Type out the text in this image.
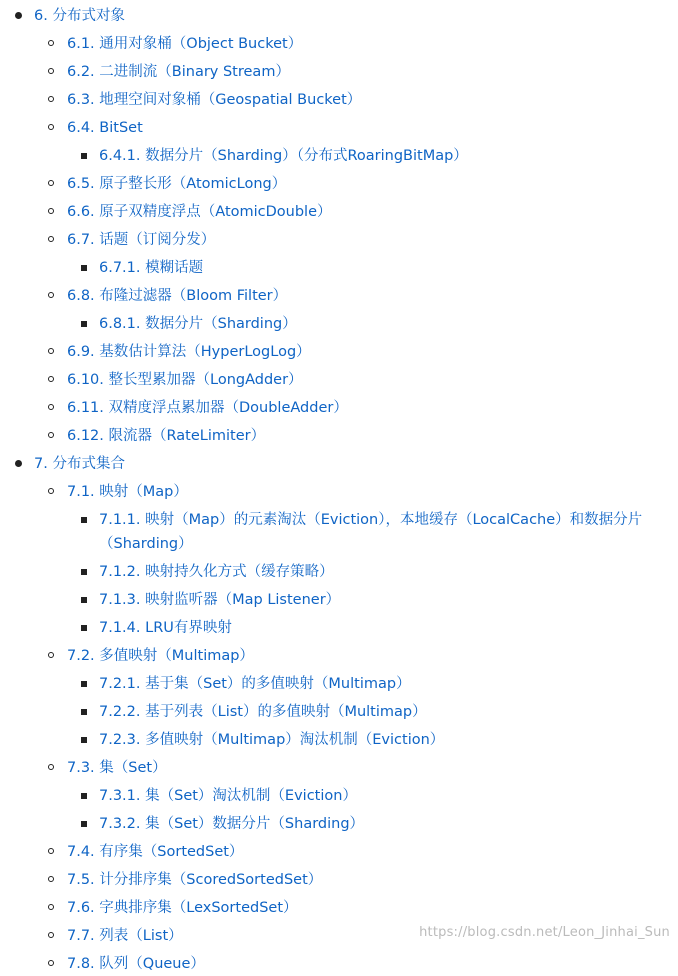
6. 分布式对象
6.1. 通用对象桶（Object Bucket）
6.2. 二进制流（Binary Stream）
6.3. 地理空间对象桶（Geospatial Bucket）
6.4. BitSet
6.4.1. 数据分片（Sharding）（分布式RoaringBitMap）
6.5. 原子整长形（AtomicLong）
6.6. 原子双精度浮点（AtomicDouble）
6.7. 话题（订阅分发）
6.7.1. 模糊话题
6.8. 布隆过滤器（Bloom Filter）
6.8.1. 数据分片（Sharding）
6.9. 基数估计算法（HyperLogLog）
6.10. 整长型累加器（LongAdder）
6.11. 双精度浮点累加器（DoubleAdder）
6.12. 限流器（RateLimiter）
7. 分布式集合
7.1. 映射（Map）
7.1.1. 映射（Map）的元素淘汰（Eviction），本地缓存（LocalCache）和数据分片
（Sharding）
7.1.2. 映射持久化方式（缓存策略）
7.1.3. 映射监听器（Map Listener）
7.1.4. LRU有界映射
7.2. 多值映射（Multimap）
7.2.1. 基于集（Set）的多值映射（Multimap）
7.2.2. 基于列表（List）的多值映射（Multimap）
7.2.3. 多值映射（Multimap）淘汰机制（Eviction）
7.3. 集（Set）
7.3.1. 集（Set）淘汰机制（Eviction）
7.3.2. 集（Set）数据分片（Sharding）
7.4. 有序集（SortedSet）
7.5. 计分排序集（ScoredSortedSet）
7.6. 字典排序集（LexSortedSet）
7.7. 列表（List）
7.8. 队列（Queue）
https://blog.csdn.net/Leon_Jinhai_Sun
